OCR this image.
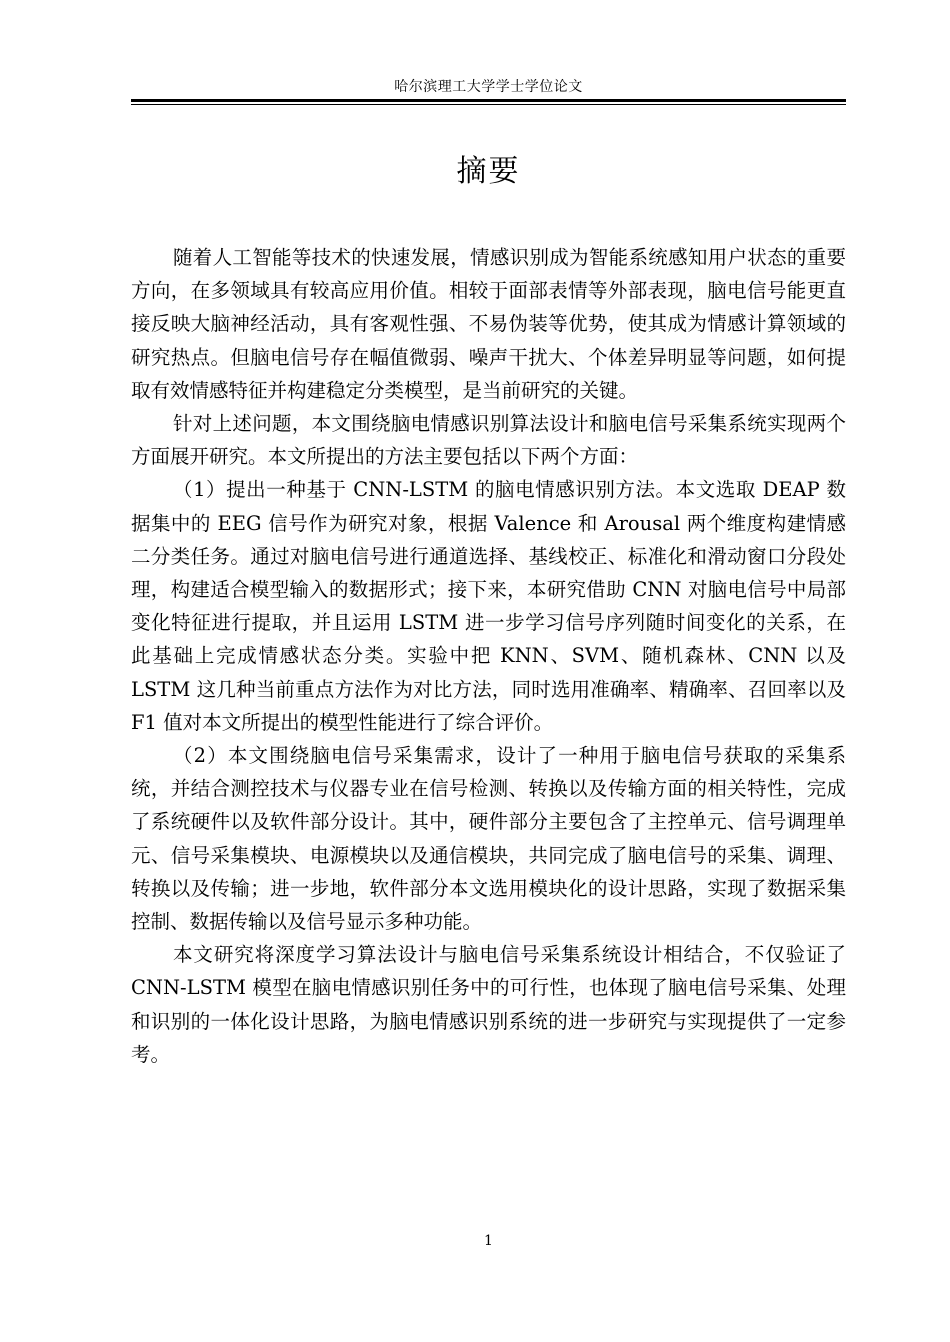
哈尔滨理工大学学士学位论文
摘要

随着人工智能等技术的快速发展，情感识别成为智能系统感知用户状态的重要方向，在多领域具有较高应用价值。相较于面部表情等外部表现，脑电信号能更直接反映大脑神经活动，具有客观性强、不易伪装等优势，使其成为情感计算领域的研究热点。但脑电信号存在幅值微弱、噪声干扰大、个体差异明显等问题，如何提取有效情感特征并构建稳定分类模型，是当前研究的关键。

针对上述问题，本文围绕脑电情感识别算法设计和脑电信号采集系统实现两个方面展开研究。本文所提出的方法主要包括以下两个方面：

（1）提出一种基于 CNN-LSTM 的脑电情感识别方法。本文选取 DEAP 数据集中的 EEG 信号作为研究对象，根据 Valence 和 Arousal 两个维度构建情感二分类任务。通过对脑电信号进行通道选择、基线校正、标准化和滑动窗口分段处理，构建适合模型输入的数据形式；接下来，本研究借助 CNN 对脑电信号中局部变化特征进行提取，并且运用 LSTM 进一步学习信号序列随时间变化的关系，在此基础上完成情感状态分类。实验中把 KNN、SVM、随机森林、CNN 以及 LSTM 这几种当前重点方法作为对比方法，同时选用准确率、精确率、召回率以及 F1 值对本文所提出的模型性能进行了综合评价。

（2）本文围绕脑电信号采集需求，设计了一种用于脑电信号获取的采集系统，并结合测控技术与仪器专业在信号检测、转换以及传输方面的相关特性，完成了系统硬件以及软件部分设计。其中，硬件部分主要包含了主控单元、信号调理单元、信号采集模块、电源模块以及通信模块，共同完成了脑电信号的采集、调理、转换以及传输；进一步地，软件部分本文选用模块化的设计思路，实现了数据采集控制、数据传输以及信号显示多种功能。

本文研究将深度学习算法设计与脑电信号采集系统设计相结合，不仅验证了 CNN-LSTM 模型在脑电情感识别任务中的可行性，也体现了脑电信号采集、处理和识别的一体化设计思路，为脑电情感识别系统的进一步研究与实现提供了一定参考。

1
